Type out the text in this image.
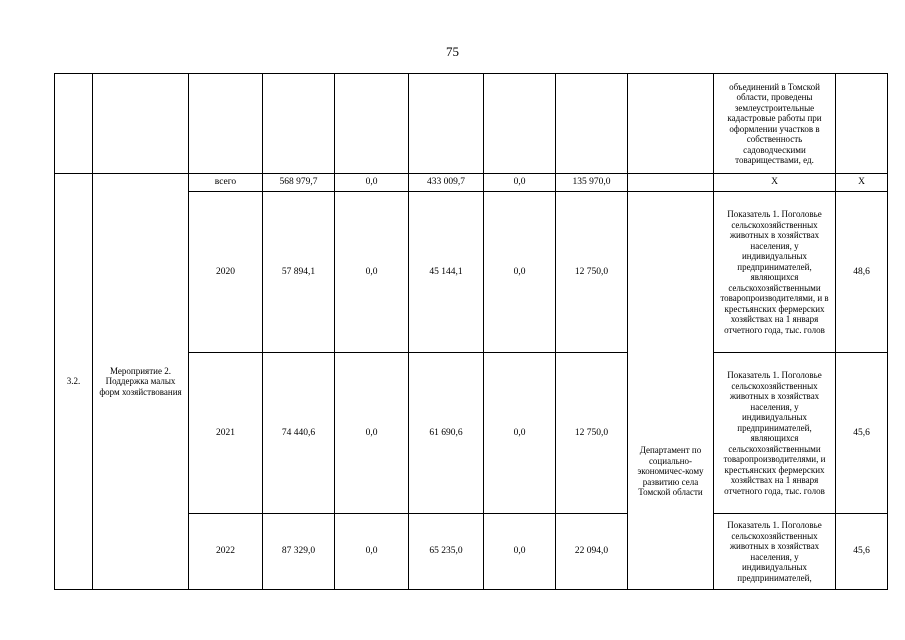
75
									объединений в Томской области, проведены землеустроительные кадастровые работы при оформлении участков в собственность садоводческими товариществами, ед.	
3.2.	Мероприятие 2. Поддержка малых форм хозяйствования	всего	568 979,7	0,0	433 009,7	0,0	135 970,0		Х	Х
		2020	57 894,1	0,0	45 144,1	0,0	12 750,0	Департамент по социально-экономичес-кому развитию села Томской области	Показатель 1. Поголовье сельскохозяйственных животных в хозяйствах населения, у индивидуальных предпринимателей, являющихся сельскохозяйственными товаропроизводителями, и в крестьянских фермерских хозяйствах на 1 января отчетного года, тыс. голов	48,6
		2021	74 440,6	0,0	61 690,6	0,0	12 750,0		Показатель 1. Поголовье сельскохозяйственных животных в хозяйствах населения, у индивидуальных предпринимателей, являющихся сельскохозяйственными товаропроизводителями, и крестьянских фермерских хозяйствах на 1 января отчетного года, тыс. голов	45,6
		2022	87 329,0	0,0	65 235,0	0,0	22 094,0		Показатель 1. Поголовье сельскохозяйственных животных в хозяйствах населения, у индивидуальных предпринимателей,	45,6
